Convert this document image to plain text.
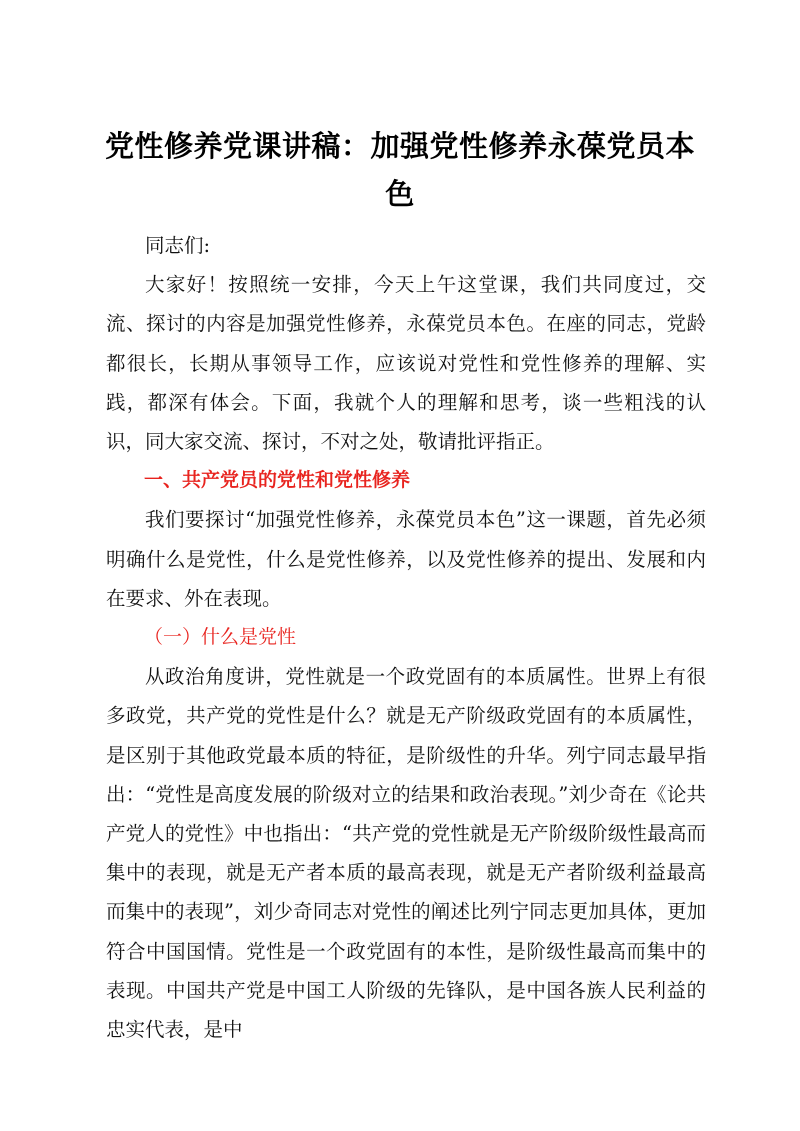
党性修养党课讲稿：加强党性修养永葆党员本色

同志们:

大家好！按照统一安排，今天上午这堂课，我们共同度过，交流、探讨的内容是加强党性修养，永葆党员本色。在座的同志，党龄都很长，长期从事领导工作，应该说对党性和党性修养的理解、实践，都深有体会。下面，我就个人的理解和思考，谈一些粗浅的认识，同大家交流、探讨，不对之处，敬请批评指正。

一、共产党员的党性和党性修养

我们要探讨“加强党性修养，永葆党员本色”这一课题，首先必须明确什么是党性，什么是党性修养，以及党性修养的提出、发展和内在要求、外在表现。

（一）什么是党性

从政治角度讲，党性就是一个政党固有的本质属性。世界上有很多政党，共产党的党性是什么？就是无产阶级政党固有的本质属性，是区别于其他政党最本质的特征，是阶级性的升华。列宁同志最早指出：“党性是高度发展的阶级对立的结果和政治表现。”刘少奇在《论共产党人的党性》中也指出：“共产党的党性就是无产阶级阶级性最高而集中的表现，就是无产者本质的最高表现，就是无产者阶级利益最高而集中的表现”，刘少奇同志对党性的阐述比列宁同志更加具体，更加符合中国国情。党性是一个政党固有的本性，是阶级性最高而集中的表现。中国共产党是中国工人阶级的先锋队，是中国各族人民利益的忠实代表，是中
